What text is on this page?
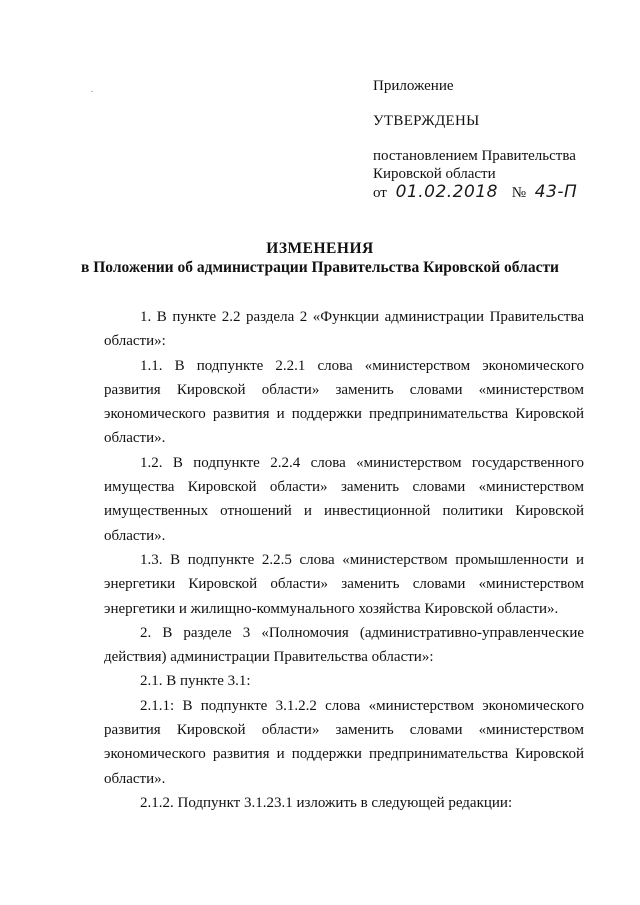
Приложение
УТВЕРЖДЕНЫ
постановлением Правительства
Кировской области
от 01.02.2018 № 43-П
ИЗМЕНЕНИЯ
в Положении об администрации Правительства Кировской области

1. В пункте 2.2 раздела 2 «Функции администрации Правительства области»:

1.1. В подпункте 2.2.1 слова «министерством экономического развития Кировской области» заменить словами «министерством экономического развития и поддержки предпринимательства Кировской области».

1.2. В подпункте 2.2.4 слова «министерством государственного имущества Кировской области» заменить словами «министерством имущественных отношений и инвестиционной политики Кировской области».

1.3. В подпункте 2.2.5 слова «министерством промышленности и энергетики Кировской области» заменить словами «министерством энергетики и жилищно-коммунального хозяйства Кировской области».

2. В разделе 3 «Полномочия (административно-управленческие действия) администрации Правительства области»:

2.1. В пункте 3.1:

2.1.1: В подпункте 3.1.2.2 слова «министерством экономического развития Кировской области» заменить словами «министерством экономического развития и поддержки предпринимательства Кировской области».

2.1.2. Подпункт 3.1.23.1 изложить в следующей редакции:
